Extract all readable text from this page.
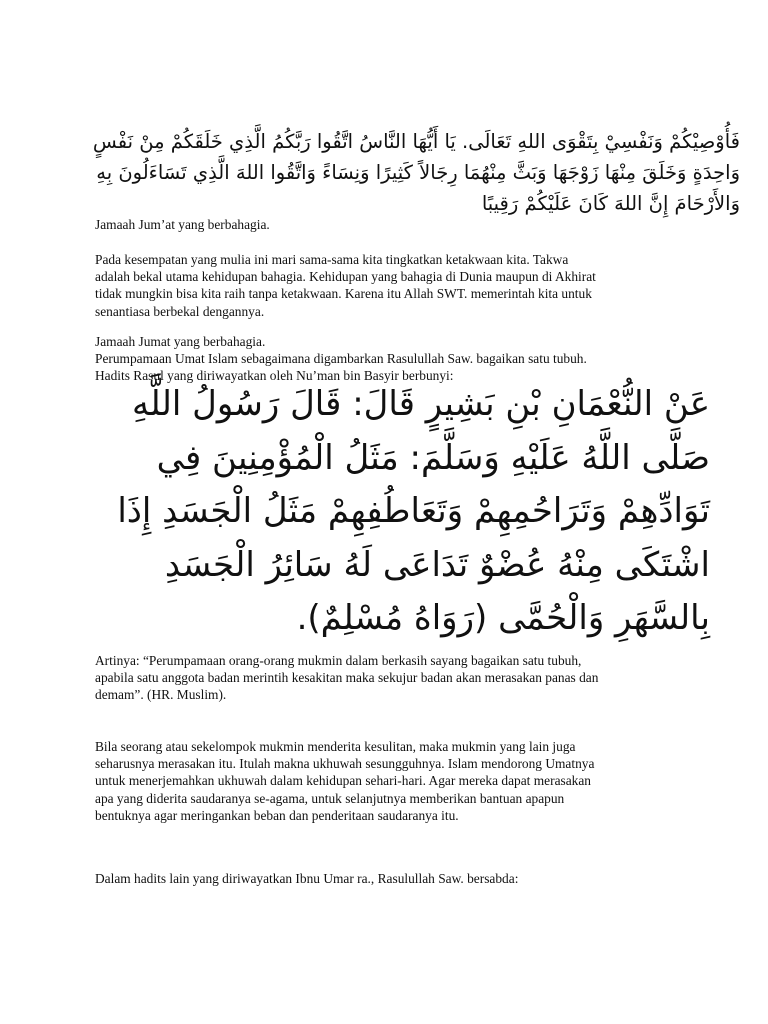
فَأُوْصِيْكُمْ وَنَفْسِيْ بِتَقْوَى اللهِ تَعَالَى. يَا أَيُّهَا النَّاسُ اتَّقُوا رَبَّكُمُ الَّذِي خَلَقَكُمْ مِنْ نَفْسٍ وَاحِدَةٍ وَخَلَقَ مِنْهَا زَوْجَهَا وَبَثَّ مِنْهُمَا رِجَالاً كَثِيرًا وَنِسَاءً وَاتَّقُوا اللهَ الَّذِي تَسَاءَلُونَ بِهِ وَالأَرْحَامَ إِنَّ اللهَ كَانَ عَلَيْكُمْ رَقِيبًا

Jamaah Jum’at yang berbahagia.

Pada kesempatan yang mulia ini mari sama-sama kita tingkatkan ketakwaan kita. Takwa
adalah bekal utama kehidupan bahagia. Kehidupan yang bahagia di Dunia maupun di Akhirat
tidak mungkin bisa kita raih tanpa ketakwaan. Karena itu Allah SWT. memerintah kita untuk
senantiasa berbekal dengannya.

Jamaah Jumat yang berbahagia.
Perumpamaan Umat Islam sebagaimana digambarkan Rasulullah Saw. bagaikan satu tubuh.
Hadits Rasul yang diriwayatkan oleh Nu’man bin Basyir berbunyi:

عَنْ النُّعْمَانِ بْنِ بَشِيرٍ قَالَ: قَالَ رَسُولُ اللَّهِ صَلَّى اللَّهُ عَلَيْهِ وَسَلَّمَ: مَثَلُ الْمُؤْمِنِينَ فِي تَوَادِّهِمْ وَتَرَاحُمِهِمْ وَتَعَاطُفِهِمْ مَثَلُ الْجَسَدِ إِذَا اشْتَكَى مِنْهُ عُضْوٌ تَدَاعَى لَهُ سَائِرُ الْجَسَدِ بِالسَّهَرِ وَالْحُمَّى (رَوَاهُ مُسْلِمٌ).

Artinya: “Perumpamaan orang-orang mukmin dalam berkasih sayang bagaikan satu tubuh,
apabila satu anggota badan merintih kesakitan maka sekujur badan akan merasakan panas dan
demam”. (HR. Muslim).

Bila seorang atau sekelompok mukmin menderita kesulitan, maka mukmin yang lain juga
seharusnya merasakan itu. Itulah makna ukhuwah sesungguhnya. Islam mendorong Umatnya
untuk menerjemahkan ukhuwah dalam kehidupan sehari-hari. Agar mereka dapat merasakan
apa yang diderita saudaranya se-agama, untuk selanjutnya memberikan bantuan apapun
bentuknya agar meringankan beban dan penderitaan saudaranya itu.

Dalam hadits lain yang diriwayatkan Ibnu Umar ra., Rasulullah Saw. bersabda:
